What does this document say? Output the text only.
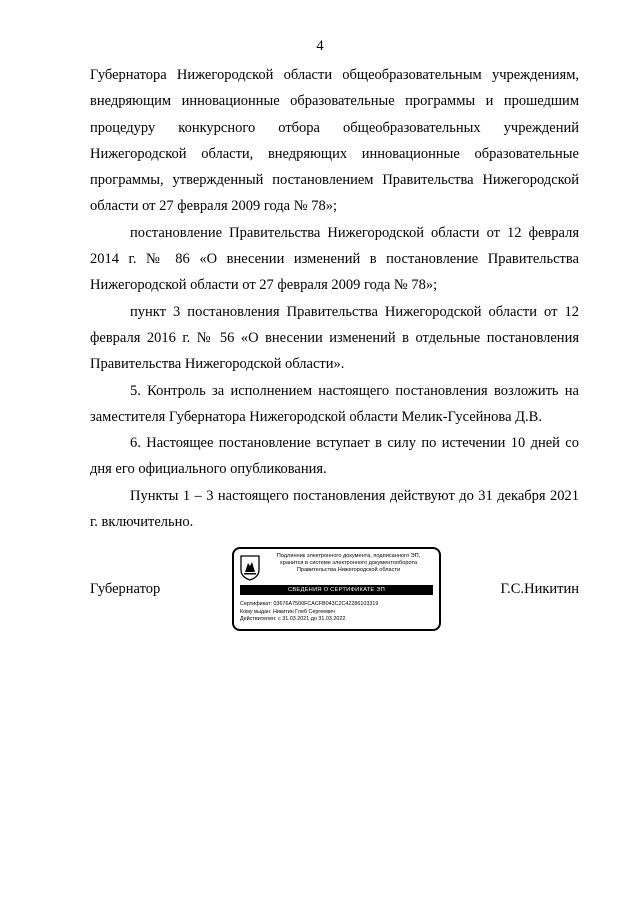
4

Губернатора Нижегородской области общеобразовательным учреждениям, внедряющим инновационные образовательные программы и прошедшим процедуру конкурсного отбора общеобразовательных учреждений Нижегородской области, внедряющих инновационные образовательные программы, утвержденный постановлением Правительства Нижегородской области от 27 февраля 2009 года № 78»;

постановление Правительства Нижегородской области от 12 февраля 2014 г. № 86 «О внесении изменений в постановление Правительства Нижегородской области от 27 февраля 2009 года № 78»;

пункт 3 постановления Правительства Нижегородской области от 12 февраля 2016 г. № 56 «О внесении изменений в отдельные постановления Правительства Нижегородской области».

5. Контроль за исполнением настоящего постановления возложить на заместителя Губернатора Нижегородской области Мелик-Гусейнова Д.В.

6. Настоящее постановление вступает в силу по истечении 10 дней со дня его официального опубликования.

Пункты 1 – 3 настоящего постановления действуют до 31 декабря 2021 г. включительно.

Губернатор
Подлинник электронного документа, подписанного ЭП,
хранится в системе электронного документооборота
Правительства Нижегородской области
СВЕДЕНИЯ О СЕРТИФИКАТЕ ЭП
Сертификат: 03676A7500FCACFB043C2C42286103319
Кому выдан: Никитин Глеб Сергеевич
Действителен: с 31.03.2021 до 31.03.2022
Г.С.Никитин
